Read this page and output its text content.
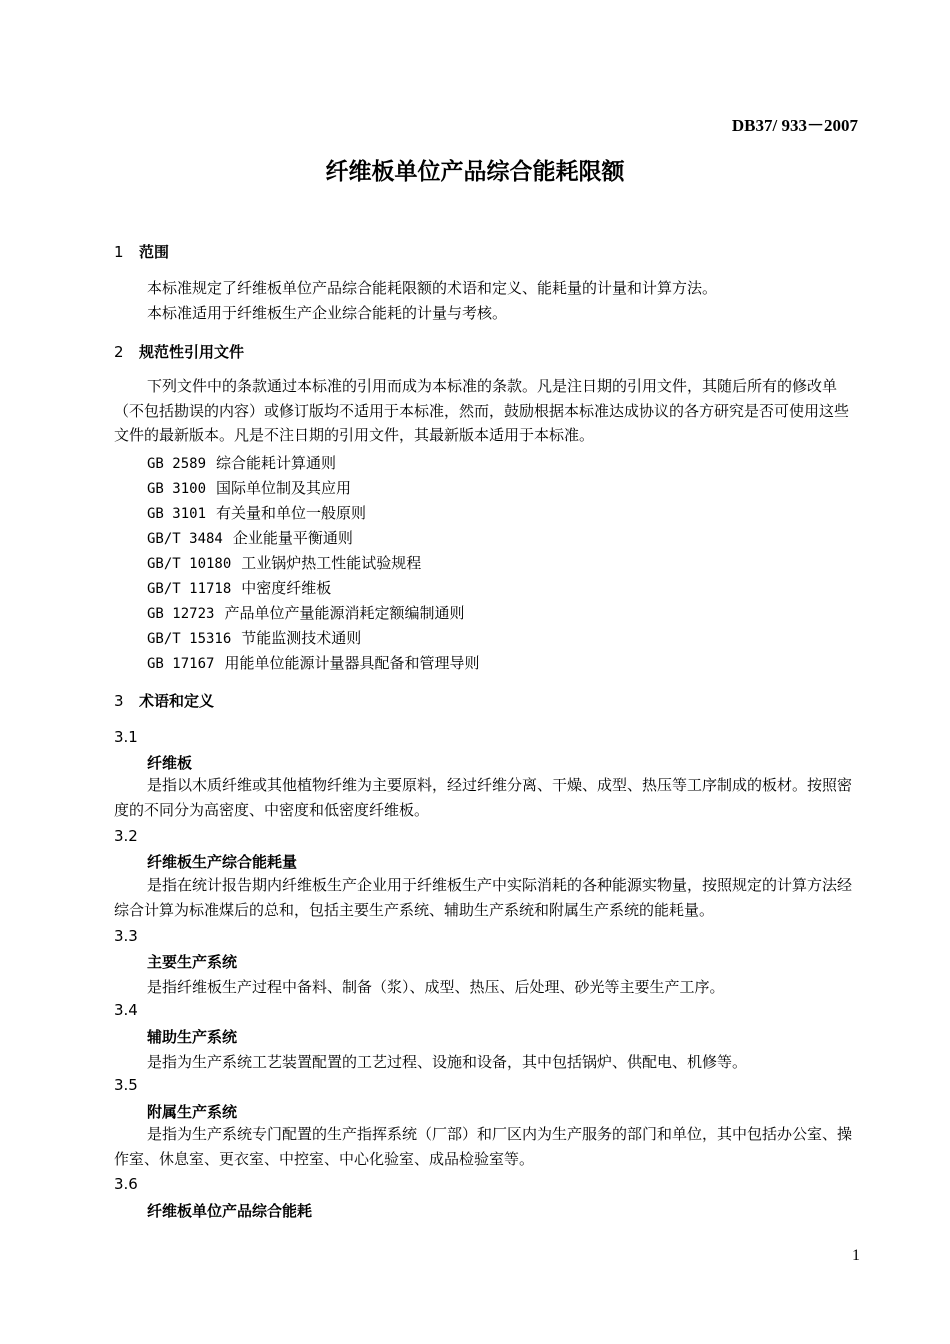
DB37/ 933－2007
纤维板单位产品综合能耗限额
1 范围
本标准规定了纤维板单位产品综合能耗限额的术语和定义、能耗量的计量和计算方法。
本标准适用于纤维板生产企业综合能耗的计量与考核。
2 规范性引用文件
下列文件中的条款通过本标准的引用而成为本标准的条款。凡是注日期的引用文件，其随后所有的修改单（不包括勘误的内容）或修订版均不适用于本标准，然而，鼓励根据本标准达成协议的各方研究是否可使用这些文件的最新版本。凡是不注日期的引用文件，其最新版本适用于本标准。
GB 2589 综合能耗计算通则
GB 3100 国际单位制及其应用
GB 3101 有关量和单位一般原则
GB/T 3484 企业能量平衡通则
GB/T 10180 工业锅炉热工性能试验规程
GB/T 11718 中密度纤维板
GB 12723 产品单位产量能源消耗定额编制通则
GB/T 15316 节能监测技术通则
GB 17167 用能单位能源计量器具配备和管理导则
3 术语和定义
3.1
纤维板
是指以木质纤维或其他植物纤维为主要原料，经过纤维分离、干燥、成型、热压等工序制成的板材。按照密度的不同分为高密度、中密度和低密度纤维板。
3.2
纤维板生产综合能耗量
是指在统计报告期内纤维板生产企业用于纤维板生产中实际消耗的各种能源实物量，按照规定的计算方法经综合计算为标准煤后的总和，包括主要生产系统、辅助生产系统和附属生产系统的能耗量。
3.3
主要生产系统
是指纤维板生产过程中备料、制备（浆）、成型、热压、后处理、砂光等主要生产工序。
3.4
辅助生产系统
是指为生产系统工艺装置配置的工艺过程、设施和设备，其中包括锅炉、供配电、机修等。
3.5
附属生产系统
是指为生产系统专门配置的生产指挥系统（厂部）和厂区内为生产服务的部门和单位，其中包括办公室、操作室、休息室、更衣室、中控室、中心化验室、成品检验室等。
3.6
纤维板单位产品综合能耗
1
